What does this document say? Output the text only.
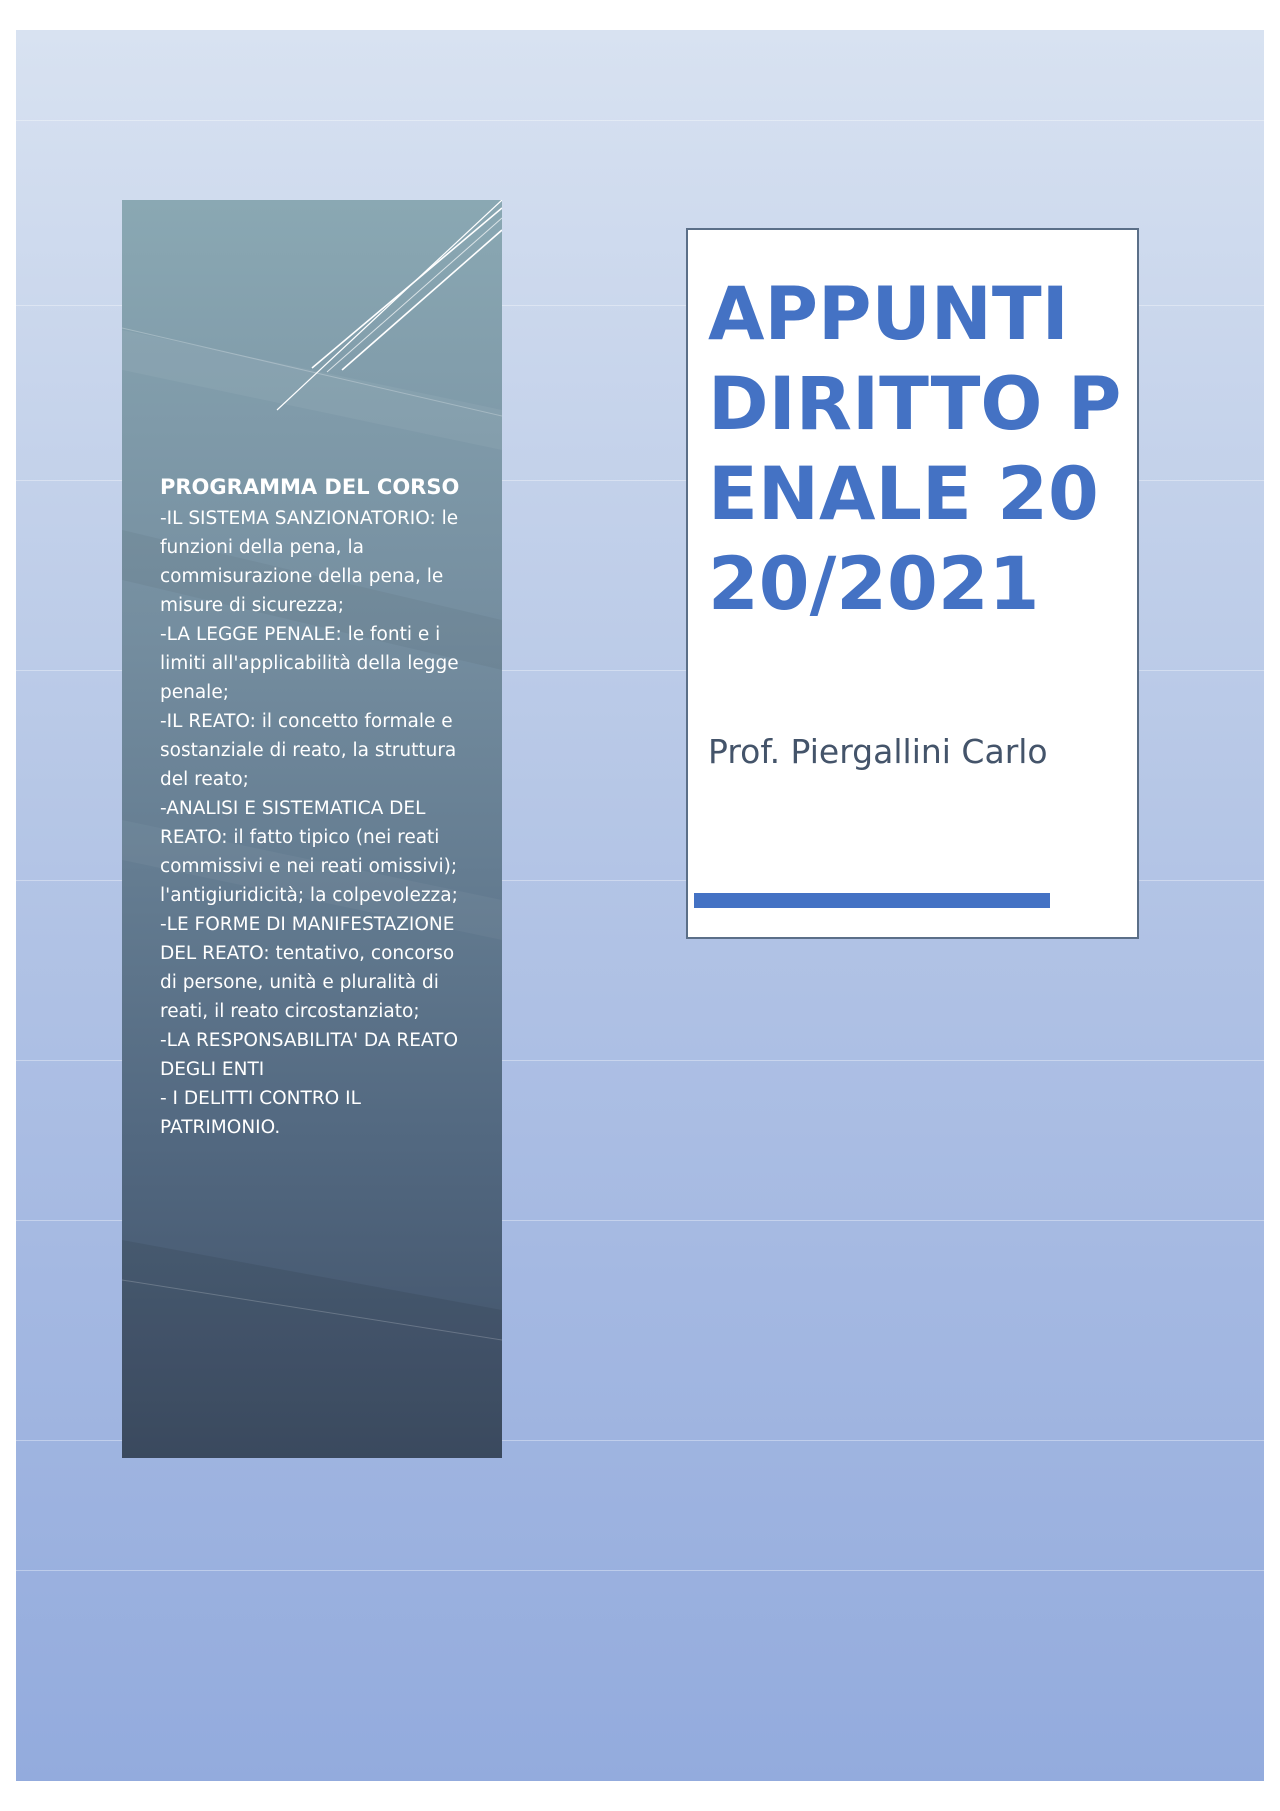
PROGRAMMA DEL CORSO

-IL SISTEMA SANZIONATORIO: le funzioni della pena, la commisurazione della pena, le misure di sicurezza;

-LA LEGGE PENALE: le fonti e i limiti all'applicabilità della legge penale;

-IL REATO: il concetto formale e sostanziale di reato, la struttura del reato;

-ANALISI E SISTEMATICA DEL REATO: il fatto tipico (nei reati commissivi e nei reati omissivi); l'antigiuridicità; la colpevolezza;

-LE FORME DI MANIFESTAZIONE DEL REATO: tentativo, concorso di persone, unità e pluralità di reati, il reato circostanziato;

-LA RESPONSABILITA' DA REATO DEGLI ENTI

- I DELITTI CONTRO IL PATRIMONIO.

APPUNTI DIRITTO PENALE 2020/2021

Prof. Piergallini Carlo
